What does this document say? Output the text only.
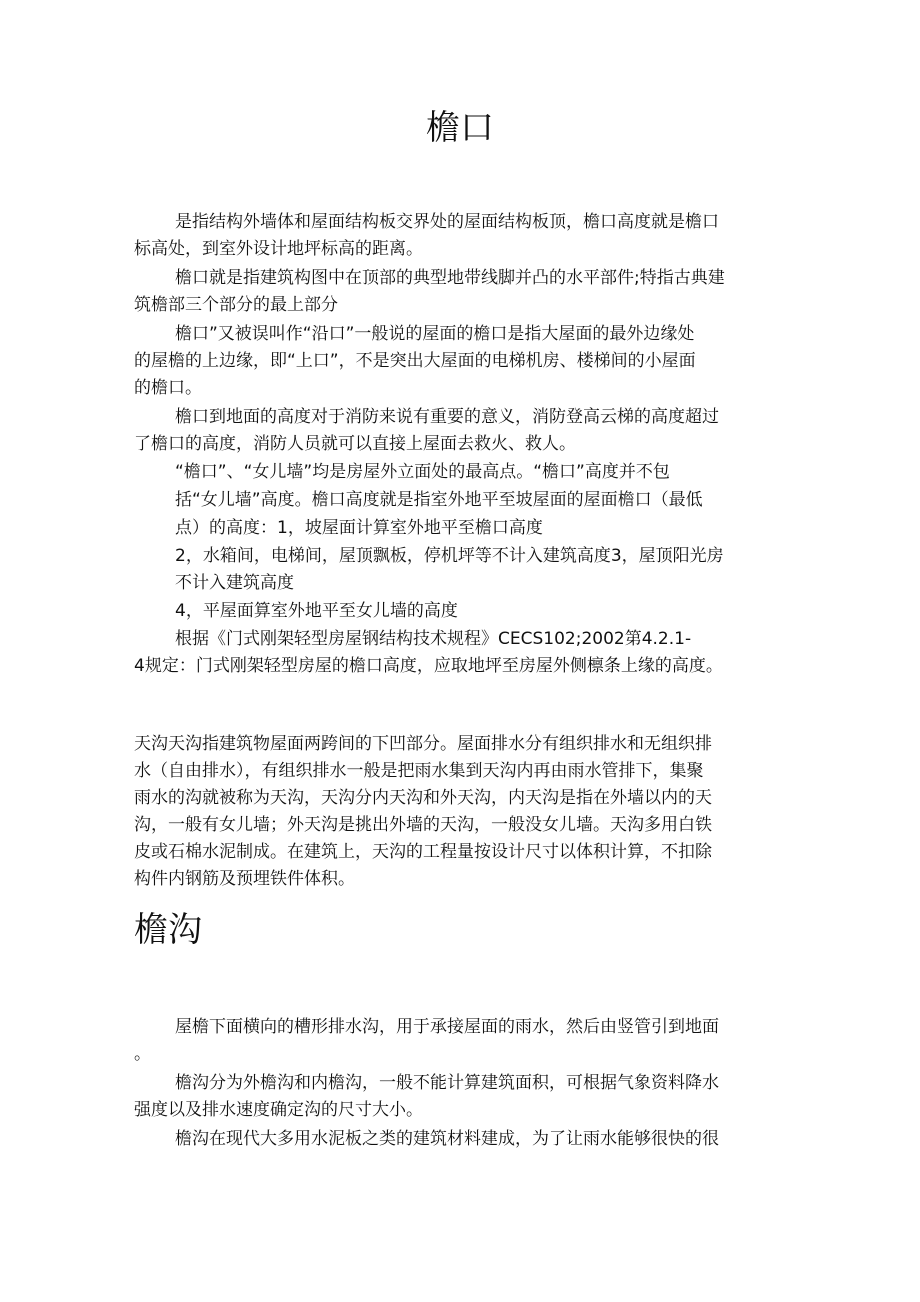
檐口

是指结构外墙体和屋面结构板交界处的屋面结构板顶，檐口高度就是檐口

标高处，到室外设计地坪标高的距离。

檐口就是指建筑构图中在顶部的典型地带线脚并凸的水平部件;特指古典建

筑檐部三个部分的最上部分

檐口”又被误叫作“沿口”一般说的屋面的檐口是指大屋面的最外边缘处

的屋檐的上边缘，即“上口”，不是突出大屋面的电梯机房、楼梯间的小屋面

的檐口。

檐口到地面的高度对于消防来说有重要的意义，消防登高云梯的高度超过

了檐口的高度，消防人员就可以直接上屋面去救火、救人。

“檐口”、“女儿墙”均是房屋外立面处的最高点。“檐口”高度并不包

括“女儿墙”高度。檐口高度就是指室外地平至坡屋面的屋面檐口（最低

点）的高度：1，坡屋面计算室外地平至檐口高度

2，水箱间，电梯间，屋顶飘板，停机坪等不计入建筑高度3，屋顶阳光房

不计入建筑高度

4，平屋面算室外地平至女儿墙的高度

根据《门式刚架轻型房屋钢结构技术规程》CECS102;2002第4.2.1-

4规定：门式刚架轻型房屋的檐口高度，应取地坪至房屋外侧檩条上缘的高度。

天沟天沟指建筑物屋面两跨间的下凹部分。屋面排水分有组织排水和无组织排

水（自由排水），有组织排水一般是把雨水集到天沟内再由雨水管排下，集聚

雨水的沟就被称为天沟，天沟分内天沟和外天沟，内天沟是指在外墙以内的天

沟，一般有女儿墙；外天沟是挑出外墙的天沟，一般没女儿墙。天沟多用白铁

皮或石棉水泥制成。在建筑上，天沟的工程量按设计尺寸以体积计算，不扣除

构件内钢筋及预埋铁件体积。

檐沟

屋檐下面横向的槽形排水沟，用于承接屋面的雨水，然后由竖管引到地面

。

檐沟分为外檐沟和内檐沟，一般不能计算建筑面积，可根据气象资料降水

强度以及排水速度确定沟的尺寸大小。

檐沟在现代大多用水泥板之类的建筑材料建成，为了让雨水能够很快的很
